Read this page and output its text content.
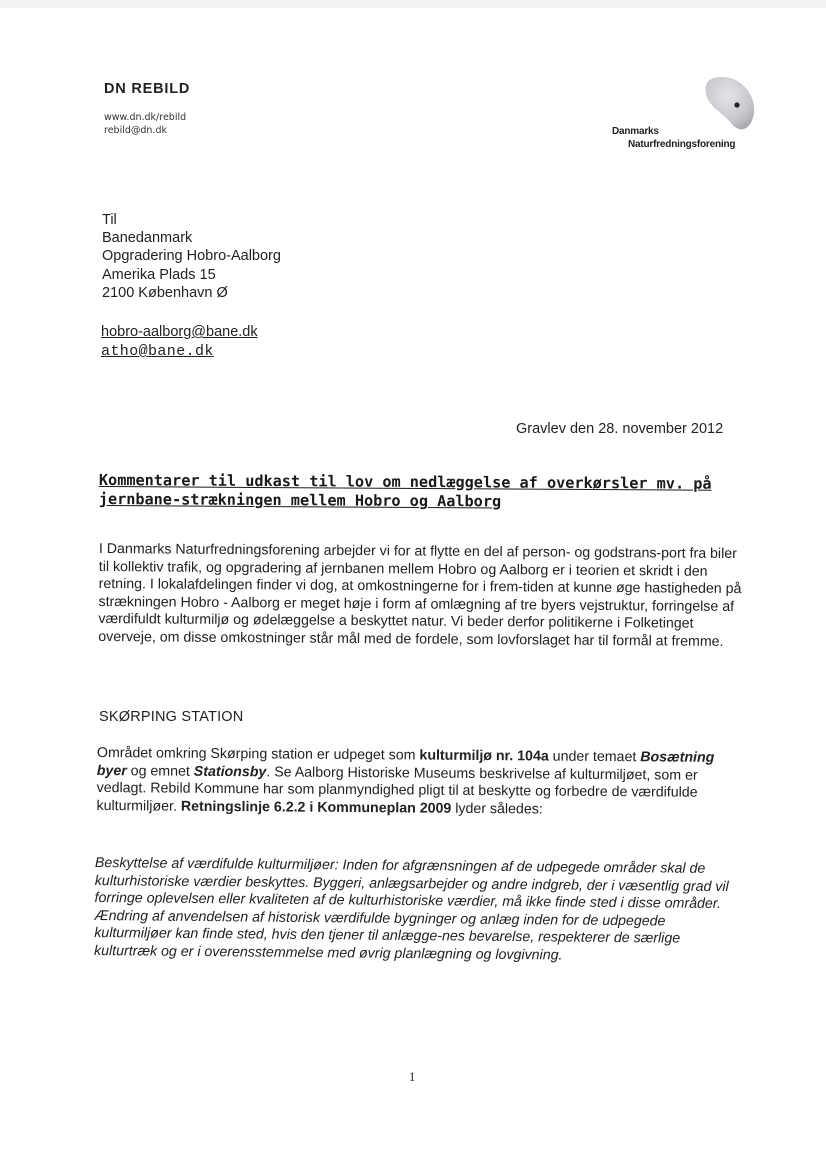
DN REBILD
www.dn.dk/rebild
rebild@dn.dk	Danmarks
Naturfredningsforening
Til
Banedanmark
Opgradering Hobro-Aalborg
Amerika Plads 15
2100 København Ø
hobro-aalborg@bane.dk
atho@bane.dk
Gravlev den 28. november 2012
Kommentarer til udkast til lov om nedlæggelse af overkørsler mv. på jernbane-strækningen mellem Hobro og Aalborg
I Danmarks Naturfredningsforening arbejder vi for at flytte en del af person- og godstrans-port fra biler til kollektiv trafik, og opgradering af jernbanen mellem Hobro og Aalborg er i teorien et skridt i den retning. I lokalafdelingen finder vi dog, at omkostningerne for i frem-tiden at kunne øge hastigheden på strækningen Hobro - Aalborg er meget høje i form af omlægning af tre byers vejstruktur, forringelse af værdifuldt kulturmiljø og ødelæggelse a beskyttet natur. Vi beder derfor politikerne i Folketinget overveje, om disse omkostninger står mål med de fordele, som lovforslaget har til formål at fremme.
SKØRPING STATION
Området omkring Skørping station er udpeget som kulturmiljø nr. 104a under temaet Bosætning byer og emnet Stationsby. Se Aalborg Historiske Museums beskrivelse af kulturmiljøet, som er vedlagt. Rebild Kommune har som planmyndighed pligt til at beskytte og forbedre de værdifulde kulturmiljøer. Retningslinje 6.2.2 i Kommuneplan 2009 lyder således:
Beskyttelse af værdifulde kulturmiljøer: Inden for afgrænsningen af de udpegede områder skal de kulturhistoriske værdier beskyttes. Byggeri, anlægsarbejder og andre indgreb, der i væsentlig grad vil forringe oplevelsen eller kvaliteten af de kulturhistoriske værdier, må ikke finde sted i disse områder. Ændring af anvendelsen af historisk værdifulde bygninger og anlæg inden for de udpegede kulturmiljøer kan finde sted, hvis den tjener til anlægge-nes bevarelse, respekterer de særlige kulturtræk og er i overensstemmelse med øvrig planlægning og lovgivning.
1
